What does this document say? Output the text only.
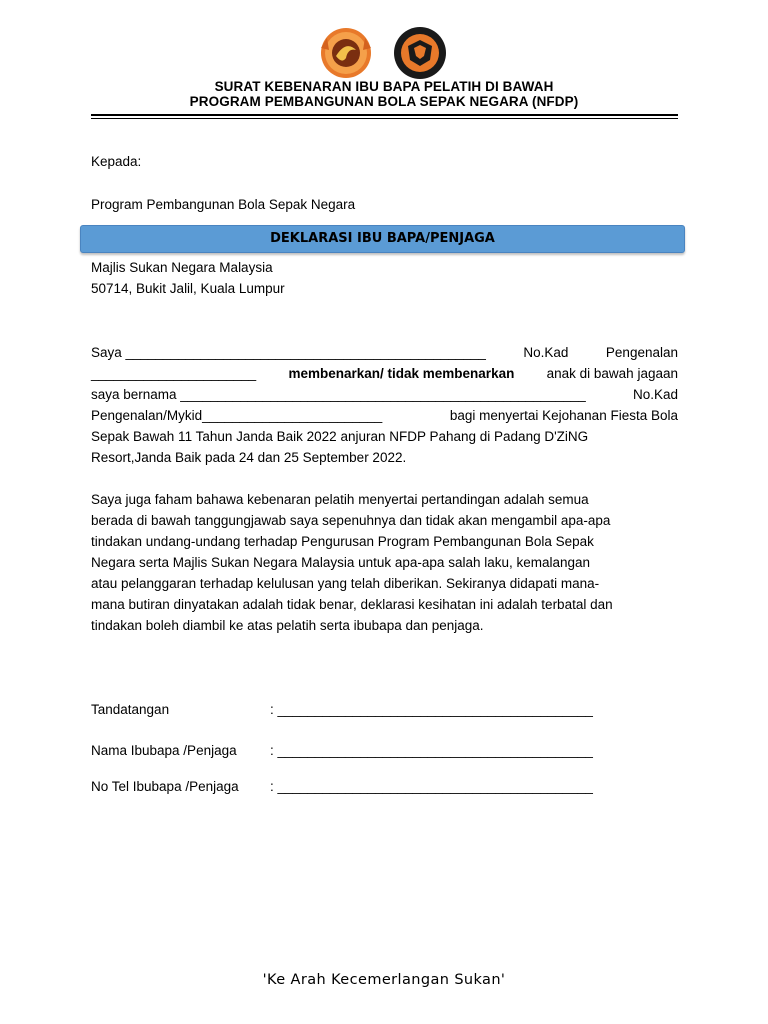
SURAT KEBENARAN IBU BAPA PELATIH DI BAWAH
PROGRAM PEMBANGUNAN BOLA SEPAK NEGARA (NFDP)
Kepada:
Program Pembangunan Bola Sepak Negara
DEKLARASI IBU BAPA/PENJAGA
Majlis Sukan Negara Malaysia
50714, Bukit Jalil, Kuala Lumpur
Saya ________________________________________________	No.Kad	Pengenalan
______________________ membenarkan/ tidak membenarkan anak di bawah jagaan
saya bernama ______________________________________________________	No.Kad
Pengenalan/Mykid________________________	bagi menyertai Kejohanan Fiesta Bola
Sepak Bawah 11 Tahun Janda Baik 2022 anjuran NFDP Pahang di Padang D'ZiNG
Resort,Janda Baik pada 24 dan 25 September 2022.
Saya juga faham bahawa kebenaran pelatih menyertai pertandingan adalah semua
berada di bawah tanggungjawab saya sepenuhnya dan tidak akan mengambil apa-apa
tindakan undang-undang terhadap Pengurusan Program Pembangunan Bola Sepak
Negara serta Majlis Sukan Negara Malaysia untuk apa-apa salah laku, kemalangan
atau pelanggaran terhadap kelulusan yang telah diberikan. Sekiranya didapati mana-
mana butiran dinyatakan adalah tidak benar, deklarasi kesihatan ini adalah terbatal dan
tindakan boleh diambil ke atas pelatih serta ibubapa dan penjaga.
Tandatangan	: __________________________________________
Nama Ibubapa /Penjaga : __________________________________________
No Tel Ibubapa /Penjaga : __________________________________________
'Ke Arah Kecemerlangan Sukan'
